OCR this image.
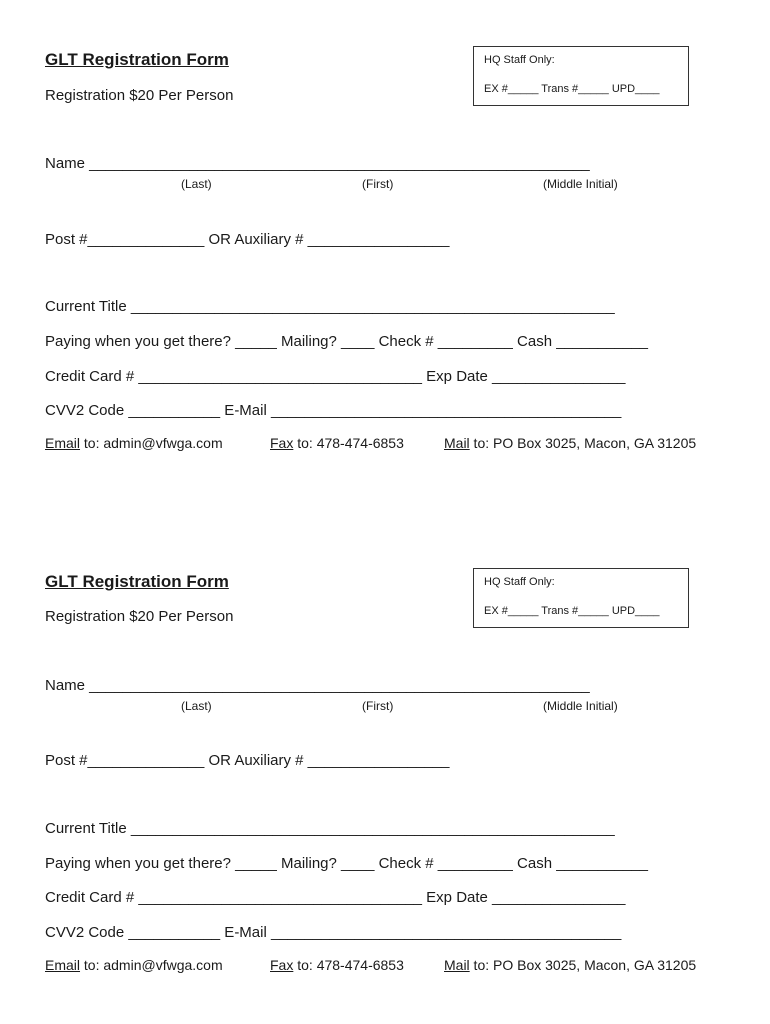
GLT Registration Form
Registration $20 Per Person
HQ Staff Only:
EX #_____ Trans #_____ UPD____
Name ____________________________________________________________
(Last)	(First)	(Middle Initial)
Post #______________ OR Auxiliary # _________________
Current Title __________________________________________________________
Paying when you get there? _____ Mailing? ____ Check # _________ Cash ___________
Credit Card # __________________________________ Exp Date ________________
CVV2 Code ___________ E-Mail __________________________________________
Email to: admin@vfwga.com	Fax to: 478-474-6853	Mail to: PO Box 3025, Macon, GA 31205
GLT Registration Form
Registration $20 Per Person
HQ Staff Only:
EX #_____ Trans #_____ UPD____
Name ____________________________________________________________
(Last)	(First)	(Middle Initial)
Post #______________ OR Auxiliary # _________________
Current Title __________________________________________________________
Paying when you get there? _____ Mailing? ____ Check # _________ Cash ___________
Credit Card # __________________________________ Exp Date ________________
CVV2 Code ___________ E-Mail __________________________________________
Email to: admin@vfwga.com	Fax to: 478-474-6853	Mail to: PO Box 3025, Macon, GA 31205
